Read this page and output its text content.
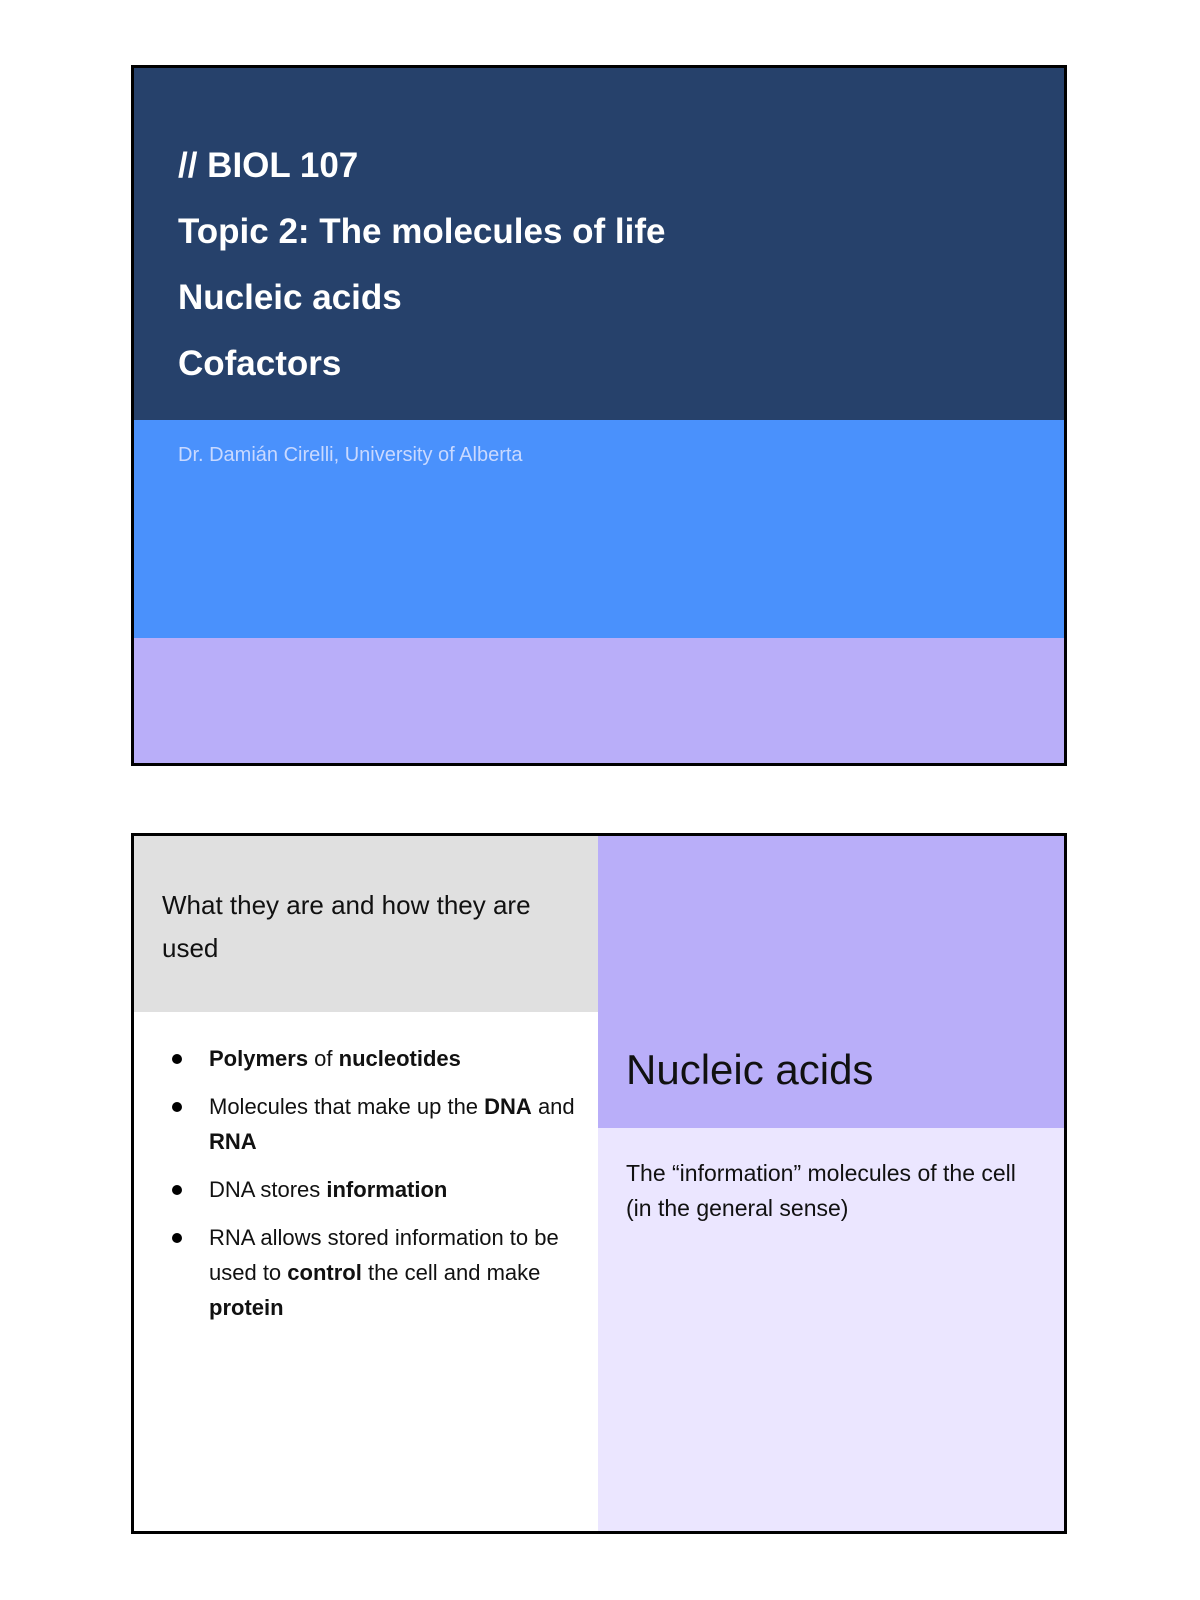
// BIOL 107
Topic 2: The molecules of life
Nucleic acids
Cofactors
Dr. Damián Cirelli, University of Alberta
What they are and how they are used
Polymers of nucleotides
Molecules that make up the DNA and RNA
DNA stores information
RNA allows stored information to be used to control the cell and make protein
Nucleic acids

The “information” molecules of the cell (in the general sense)
